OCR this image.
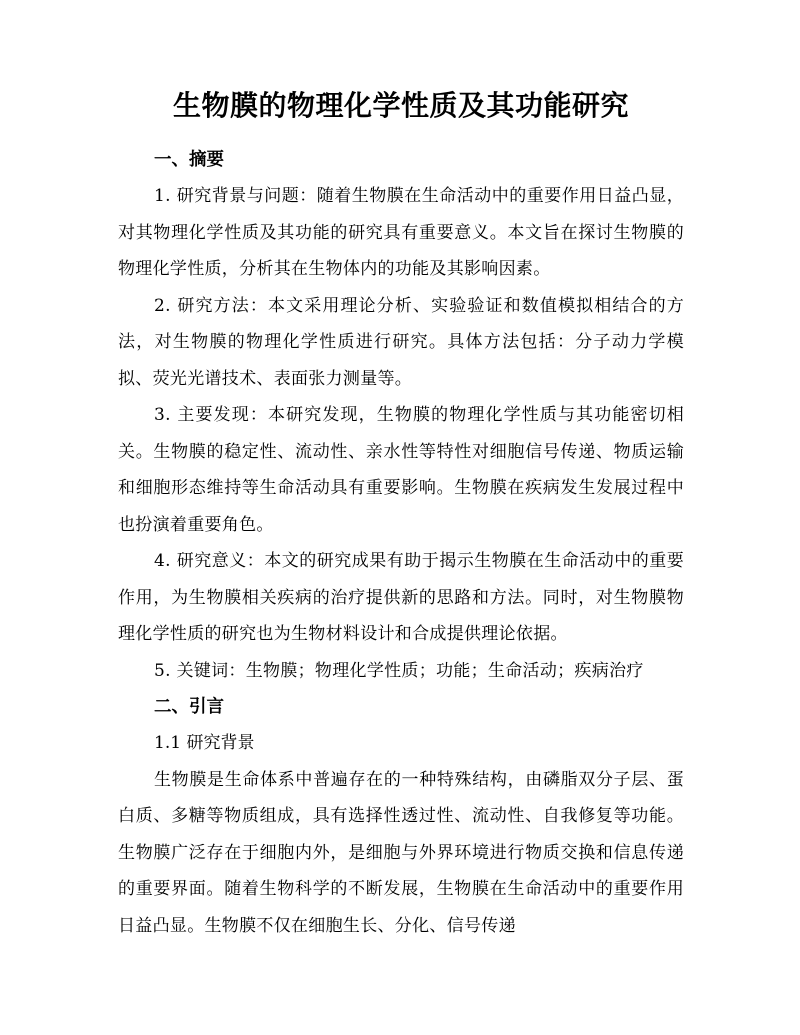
生物膜的物理化学性质及其功能研究
一、摘要

1. 研究背景与问题：随着生物膜在生命活动中的重要作用日益凸显，对其物理化学性质及其功能的研究具有重要意义。本文旨在探讨生物膜的物理化学性质，分析其在生物体内的功能及其影响因素。

2. 研究方法：本文采用理论分析、实验验证和数值模拟相结合的方法，对生物膜的物理化学性质进行研究。具体方法包括：分子动力学模拟、荧光光谱技术、表面张力测量等。

3. 主要发现：本研究发现，生物膜的物理化学性质与其功能密切相关。生物膜的稳定性、流动性、亲水性等特性对细胞信号传递、物质运输和细胞形态维持等生命活动具有重要影响。生物膜在疾病发生发展过程中也扮演着重要角色。

4. 研究意义：本文的研究成果有助于揭示生物膜在生命活动中的重要作用，为生物膜相关疾病的治疗提供新的思路和方法。同时，对生物膜物理化学性质的研究也为生物材料设计和合成提供理论依据。

5. 关键词：生物膜；物理化学性质；功能；生命活动；疾病治疗

二、引言

1.1 研究背景

生物膜是生命体系中普遍存在的一种特殊结构，由磷脂双分子层、蛋白质、多糖等物质组成，具有选择性透过性、流动性、自我修复等功能。生物膜广泛存在于细胞内外，是细胞与外界环境进行物质交换和信息传递的重要界面。随着生物科学的不断发展，生物膜在生命活动中的重要作用日益凸显。生物膜不仅在细胞生长、分化、信号传递
